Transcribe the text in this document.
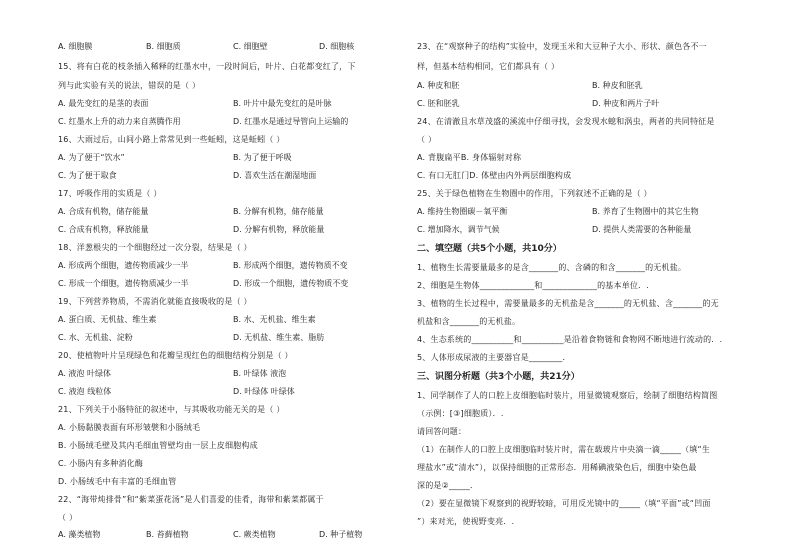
A. 细胞膜	B. 细胞质	C. 细胞壁	D. 细胞核
15、将有白花的枝条插入稀释的红墨水中，一段时间后，叶片、白花都变红了，下
列与此实验有关的说法，错误的是（ ）
A. 最先变红的是茎的表面	B. 叶片中最先变红的是叶脉
C. 红墨水上升的动力来自蒸腾作用	D. 红墨水是通过导管向上运输的
16、大雨过后，山间小路上常常见到一些蚯蚓，这是蚯蚓（ ）
A. 为了便于“饮水”	B. 为了便于呼吸
C. 为了便于取食	D. 喜欢生活在潮湿地面
17、呼吸作用的实质是（ ）
A. 合成有机物，储存能量	B. 分解有机物，储存能量
C. 合成有机物，释放能量	D. 分解有机物，释放能量
18、洋葱根尖的一个细胞经过一次分裂，结果是（ ）
A. 形成两个细胞，遗传物质减少一半	B. 形成两个细胞，遗传物质不变
C. 形成一个细胞，遗传物质减少一半	D. 形成一个细胞，遗传物质不变
19、下列营养物质，不需消化就能直接吸收的是（ ）
A. 蛋白质、无机盐、维生素	B. 水、无机盐、维生素
C. 水、无机盐、淀粉	D. 无机盐、维生素、脂肪
20、使植物叶片呈现绿色和花瓣呈现红色的细胞结构分别是（ ）
A. 液泡 叶绿体	B. 叶绿体 液泡
C. 液泡 线粒体	D. 叶绿体 叶绿体
21、下列关于小肠特征的叙述中，与其吸收功能无关的是（ ）
A. 小肠黏膜表面有环形皱襞和小肠绒毛
B. 小肠绒毛壁及其内毛细血管壁均由一层上皮细胞构成
C. 小肠内有多种消化酶
D. 小肠绒毛中有丰富的毛细血管
22、“海带炖排骨”和“紫菜蛋花汤”是人们喜爱的佳肴，海带和紫菜都属于
（ ）
A. 藻类植物	B. 苔藓植物	C. 蕨类植物	D. 种子植物
23、在“观察种子的结构”实验中，发现玉米和大豆种子大小、形状、颜色各不一
样，但基本结构相同，它们都具有（ ）
A. 种皮和胚	B. 种皮和胚乳
C. 胚和胚乳	D. 种皮和两片子叶
24、在清澈且水草茂盛的溪流中仔细寻找，会发现水螅和涡虫，两者的共同特征是
（ ）
A. 背腹扁平B. 身体辐射对称
C. 有口无肛门D. 体壁由内外两层细胞构成
25、关于绿色植物在生物圈中的作用，下列叙述不正确的是（ ）
A. 维持生物圈碳－氧平衡	B. 养育了生物圈中的其它生物
C. 增加降水，调节气候	D. 提供人类需要的各种能量
二、填空题（共5个小题，共10分）
1、植物生长需要量最多的是含_______的、含磷的和含_______的无机盐。
2、细胞是生物体_____________和_____________的基本单位．.
3、植物的生长过程中，需要量最多的无机盐是含_______的无机盐、含_______的无
机盐和含_______的无机盐。
4、生态系统的__________和__________是沿着食物链和食物网不断地进行流动的．.
5、人体形成尿液的主要器官是________．
三、识图分析题（共3个小题，共21分）
1、同学制作了人的口腔上皮细胞临时装片，用显微镜观察后，绘制了细胞结构简图
（示例：[③]细胞质）．.
请回答问题：
（1）在制作人的口腔上皮细胞临时装片时，需在载玻片中央滴一滴_____（填“生
理盐水”或“清水”），以保持细胞的正常形态．用稀碘液染色后，细胞中染色最
深的是②_____．
（2）要在显微镜下观察到的视野较暗，可用反光镜中的_____（填“平面”或“凹面
”）来对光，使视野变亮．.
